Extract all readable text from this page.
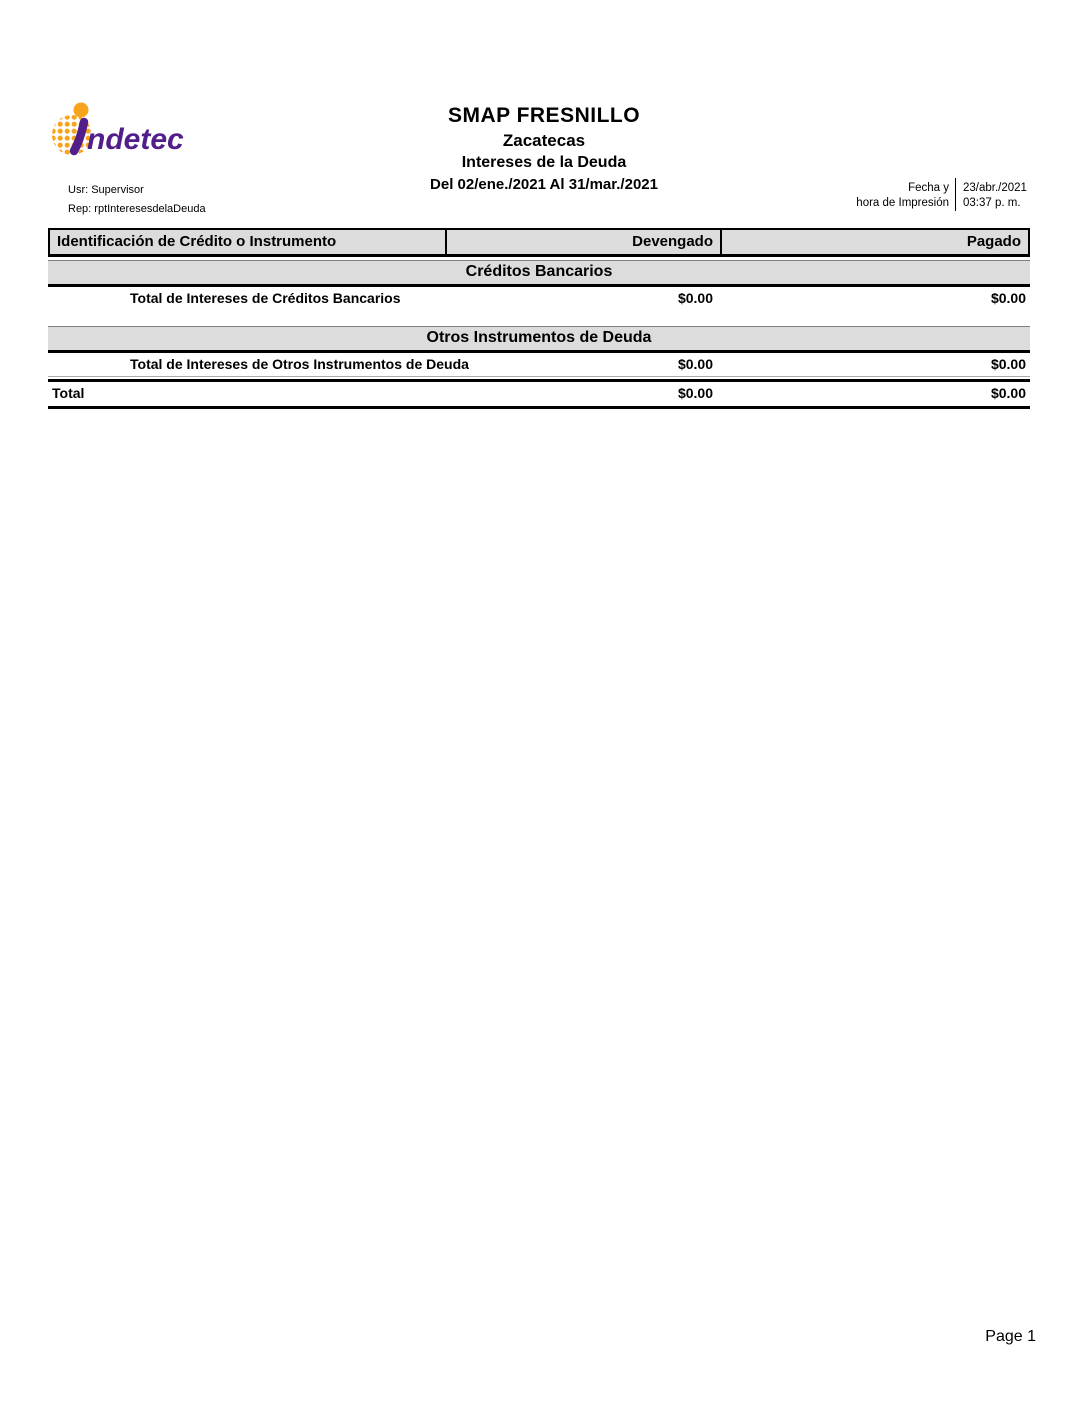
ndetec
SMAP FRESNILLO
Zacatecas
Intereses de la Deuda
Del 02/ene./2021 Al 31/mar./2021
Usr: Supervisor
Rep: rptInteresesdelaDeuda
Fecha y
hora de Impresión
23/abr./2021
03:37 p. m.
Identificación de Crédito o Instrumento	Devengado	Pagado
Créditos Bancarios
Total de Intereses de Créditos Bancarios	$0.00	$0.00
Otros Instrumentos de Deuda
Total de Intereses de Otros Instrumentos de Deuda	$0.00	$0.00
Total	$0.00	$0.00
Page 1
